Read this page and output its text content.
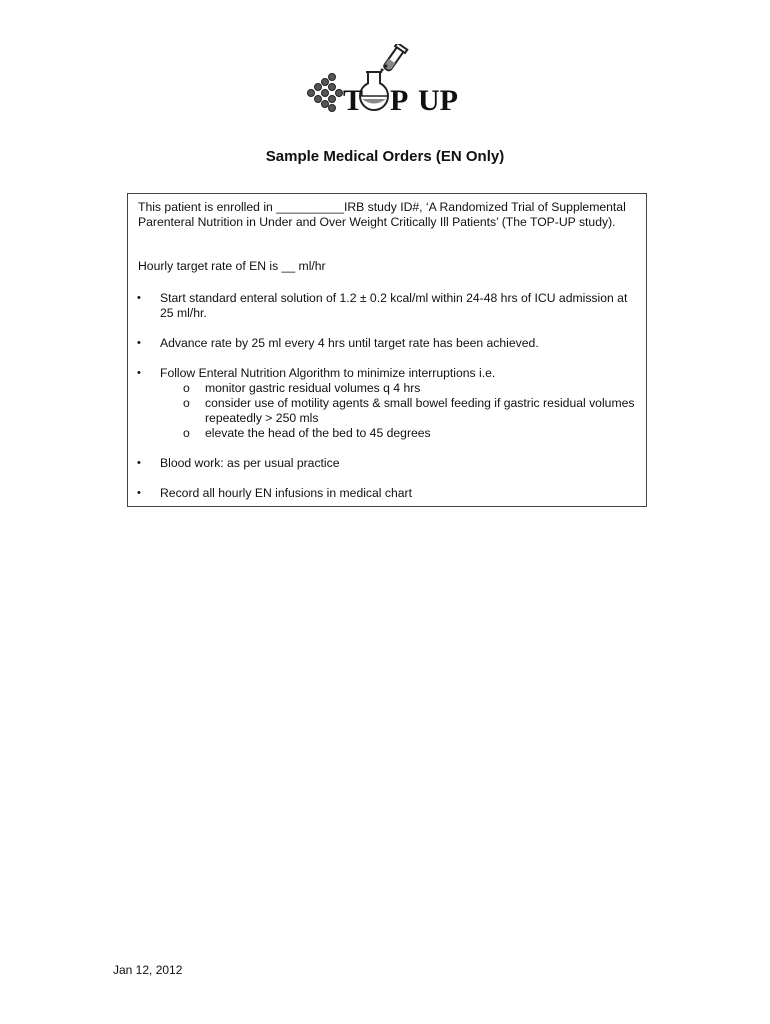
T P UP
Sample Medical Orders (EN Only)

This patient is enrolled in __________IRB study ID#, ‘A Randomized Trial of Supplemental Parenteral Nutrition in Under and Over Weight Critically Ill Patients’ (The TOP-UP study).

Hourly target rate of EN is __ ml/hr

• Start standard enteral solution of 1.2 ± 0.2 kcal/ml within 24-48 hrs of ICU admission at 25 ml/hr.
• Advance rate by 25 ml every 4 hrs until target rate has been achieved.
• Follow Enteral Nutrition Algorithm to minimize interruptions i.e.
o monitor gastric residual volumes q 4 hrs
o consider use of motility agents & small bowel feeding if gastric residual volumes repeatedly > 250 mls
o elevate the head of the bed to 45 degrees
• Blood work: as per usual practice
• Record all hourly EN infusions in medical chart
Jan 12, 2012
